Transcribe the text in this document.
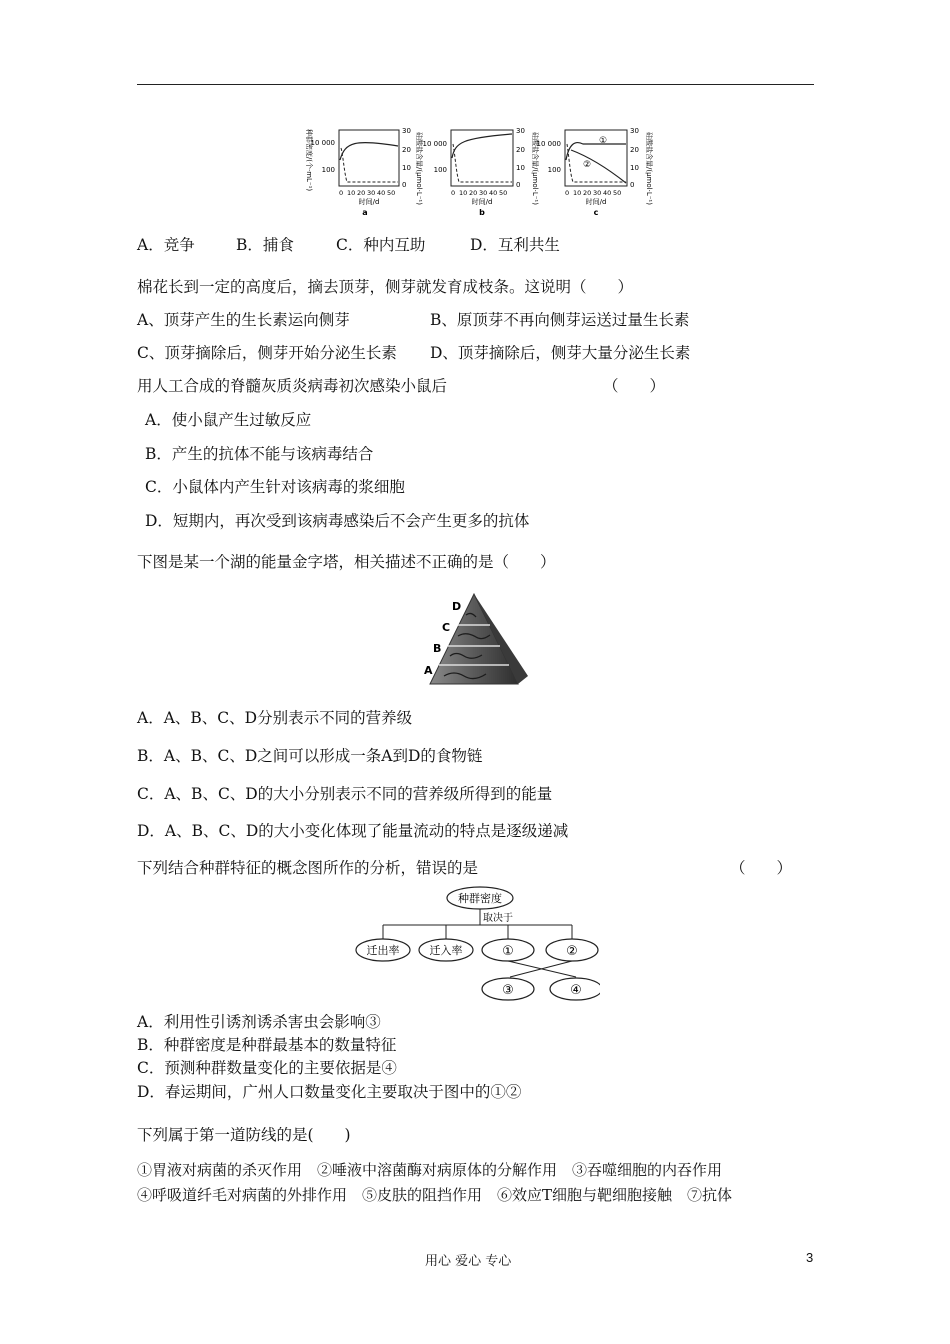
种群密度/(个·mL⁻¹)
10 000
100
30
20
10
0 硅酸盐含量/(μmol·L⁻¹)
0 10 20 30 40 50
时间/d
a
10 000
100
30
20
10
0 硅酸盐含量/(μmol·L⁻¹)
0 10 20 30 40 50
时间/d
b
10 000
100
①
②
30
20
10
0 硅酸盐含量/(μmol·L⁻¹)
0 10 20 30 40 50
时间/d
c
A．竞争	B．捕食	C．种内互助	D．互利共生
棉花长到一定的高度后，摘去顶芽，侧芽就发育成枝条。这说明（　　）
A、顶芽产生的生长素运向侧芽	B、原顶芽不再向侧芽运送过量生长素
C、顶芽摘除后，侧芽开始分泌生长素 D、顶芽摘除后，侧芽大量分泌生长素
用人工合成的脊髓灰质炎病毒初次感染小鼠后	（　　）
A．使小鼠产生过敏反应
B．产生的抗体不能与该病毒结合
C．小鼠体内产生针对该病毒的浆细胞
D．短期内，再次受到该病毒感染后不会产生更多的抗体
下图是某一个湖的能量金字塔，相关描述不正确的是（　　）
D
C
B
A
A．A、B、C、D分别表示不同的营养级
B．A、B、C、D之间可以形成一条A到D的食物链
C．A、B、C、D的大小分别表示不同的营养级所得到的能量
D．A、B、C、D的大小变化体现了能量流动的特点是逐级递减
下列结合种群特征的概念图所作的分析，错误的是	（　　）
种群密度
取决于
迁出率	迁入率	①	②
③	④
A．利用性引诱剂诱杀害虫会影响③
B．种群密度是种群最基本的数量特征
C．预测种群数量变化的主要依据是④
D．春运期间，广州人口数量变化主要取决于图中的①②
下列属于第一道防线的是(　　)
①胃液对病菌的杀灭作用　②唾液中溶菌酶对病原体的分解作用　③吞噬细胞的内吞作用
④呼吸道纤毛对病菌的外排作用　⑤皮肤的阻挡作用　⑥效应T细胞与靶细胞接触　⑦抗体
用心 爱心 专心	3
